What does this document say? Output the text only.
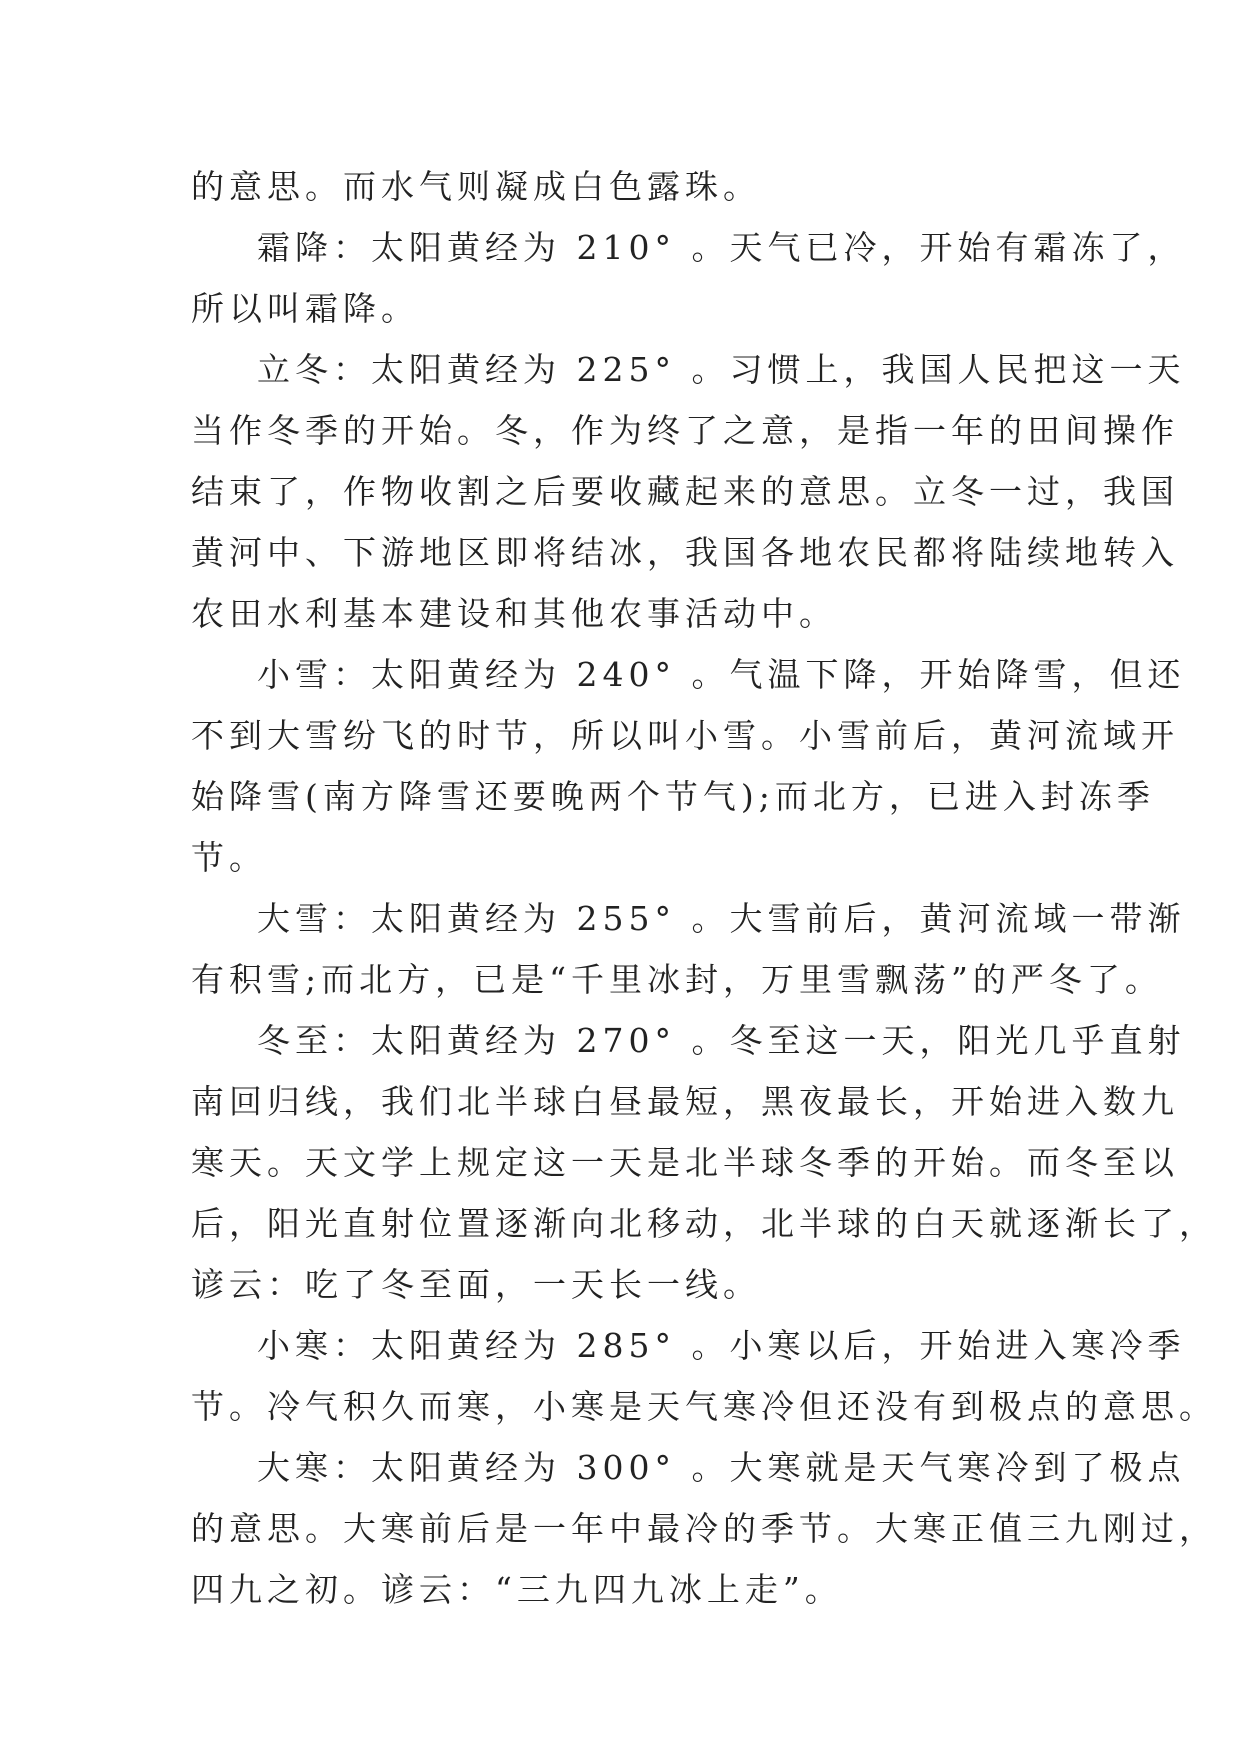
的意思。而水气则凝成白色露珠。

霜降：太阳黄经为 210° 。天气已冷，开始有霜冻了，

所以叫霜降。

立冬：太阳黄经为 225° 。习惯上，我国人民把这一天

当作冬季的开始。冬，作为终了之意，是指一年的田间操作

结束了，作物收割之后要收藏起来的意思。立冬一过，我国

黄河中、下游地区即将结冰，我国各地农民都将陆续地转入

农田水利基本建设和其他农事活动中。

小雪：太阳黄经为 240° 。气温下降，开始降雪，但还

不到大雪纷飞的时节，所以叫小雪。小雪前后，黄河流域开

始降雪(南方降雪还要晚两个节气);而北方，已进入封冻季

节。

大雪：太阳黄经为 255° 。大雪前后，黄河流域一带渐

有积雪;而北方，已是“千里冰封，万里雪飘荡”的严冬了。

冬至：太阳黄经为 270° 。冬至这一天，阳光几乎直射

南回归线，我们北半球白昼最短，黑夜最长，开始进入数九

寒天。天文学上规定这一天是北半球冬季的开始。而冬至以

后，阳光直射位置逐渐向北移动，北半球的白天就逐渐长了，

谚云：吃了冬至面，一天长一线。

小寒：太阳黄经为 285° 。小寒以后，开始进入寒冷季

节。冷气积久而寒，小寒是天气寒冷但还没有到极点的意思。

大寒：太阳黄经为 300° 。大寒就是天气寒冷到了极点

的意思。大寒前后是一年中最冷的季节。大寒正值三九刚过，

四九之初。谚云：“三九四九冰上走”。
